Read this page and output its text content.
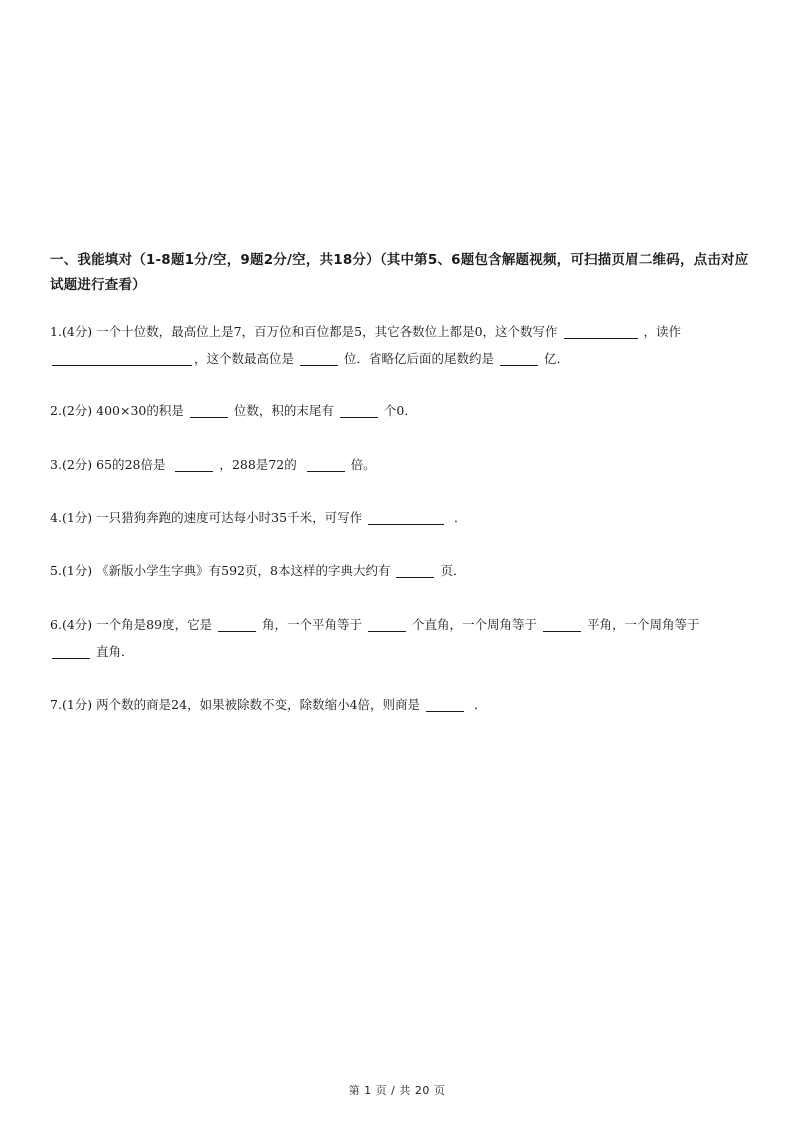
一、我能填对（1-8题1分/空，9题2分/空，共18分）（其中第5、6题包含解题视频，可扫描页眉二维码，点击对应
试题进行查看）
1.(4分) 一个十位数，最高位上是7，百万位和百位都是5，其它各数位上都是0，这个数写作	，读作
，这个数最高位是	位．省略亿后面的尾数约是	亿．
2.(2分) 400×30的积是	位数，积的末尾有	个0．
3.(2分) 65的28倍是	，288是72的	倍。
4.(1分) 一只猎狗奔跑的速度可达每小时35千米，可写作	．
5.(1分) 《新版小学生字典》有592页，8本这样的字典大约有	页．
6.(4分) 一个角是89度，它是	角，一个平角等于	个直角，一个周角等于	平角，一个周角等于
直角．
7.(1分) 两个数的商是24，如果被除数不变，除数缩小4倍，则商是	．
第 1 页 / 共 20 页
